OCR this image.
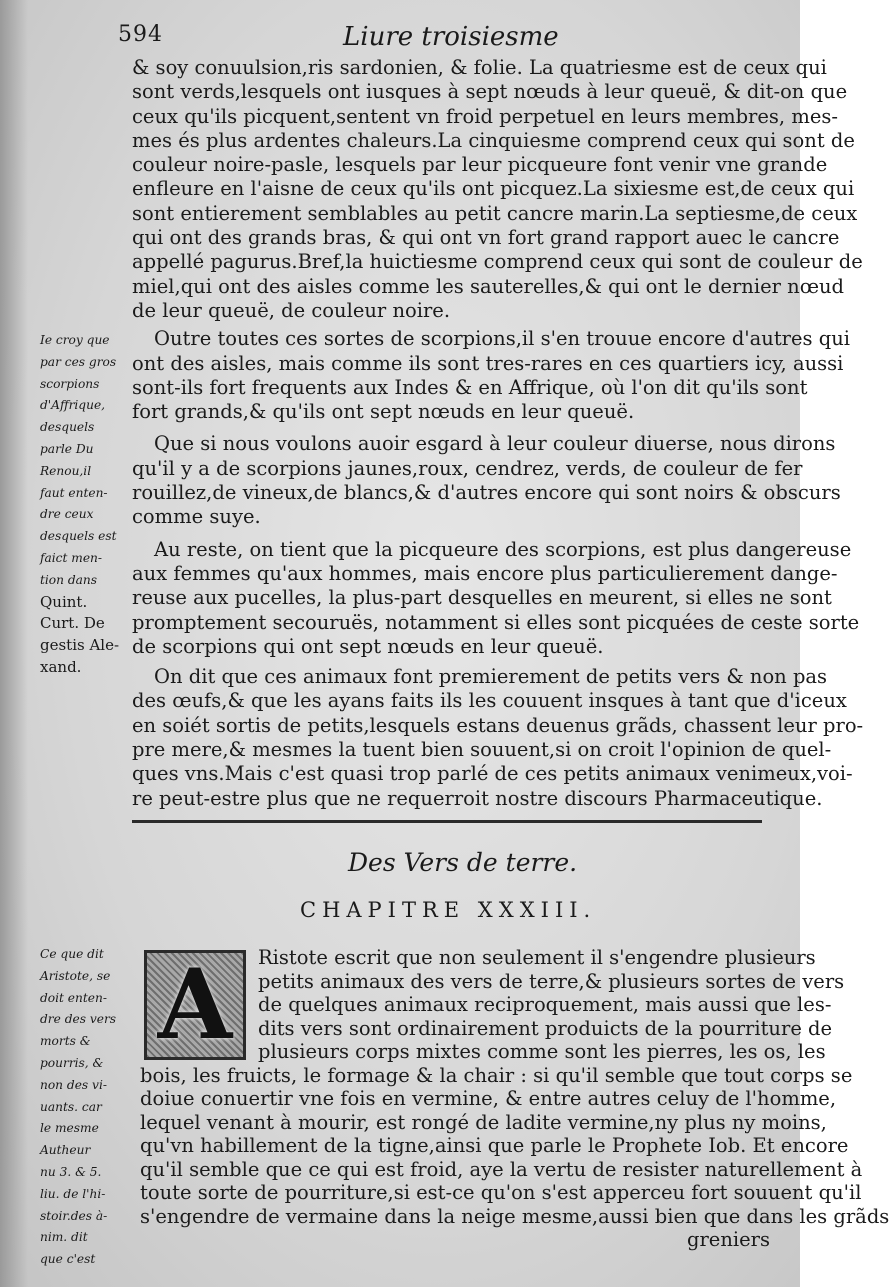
594	Liure troisiesme

& soy conuulsion,ris sardonien, & folie. La quatriesme est de ceux qui
sont verds,lesquels ont iusques à sept nœuds à leur queuë, & dit-on que
ceux qu'ils picquent,sentent vn froid perpetuel en leurs membres, mes-
mes és plus ardentes chaleurs.La cinquiesme comprend ceux qui sont de
couleur noire-pasle, lesquels par leur picqueure font venir vne grande
enfleure en l'aisne de ceux qu'ils ont picquez.La sixiesme est,de ceux qui
sont entierement semblables au petit cancre marin.La septiesme,de ceux
qui ont des grands bras, & qui ont vn fort grand rapport auec le cancre
appellé pagurus.Bref,la huictiesme comprend ceux qui sont de couleur de
miel,qui ont des aisles comme les sauterelles,& qui ont le dernier nœud
de leur queuë, de couleur noire.

Outre toutes ces sortes de scorpions,il s'en trouue encore d'autres qui
ont des aisles, mais comme ils sont tres-rares en ces quartiers icy, aussi
sont-ils fort frequents aux Indes & en Affrique, où l'on dit qu'ils sont
fort grands,& qu'ils ont sept nœuds en leur queuë.

Que si nous voulons auoir esgard à leur couleur diuerse, nous dirons
qu'il y a de scorpions jaunes,roux, cendrez, verds, de couleur de fer
rouillez,de vineux,de blancs,& d'autres encore qui sont noirs & obscurs
comme suye.

Au reste, on tient que la picqueure des scorpions, est plus dangereuse
aux femmes qu'aux hommes, mais encore plus particulierement dange-
reuse aux pucelles, la plus-part desquelles en meurent, si elles ne sont
promptement secouruës, notamment si elles sont picquées de ceste sorte
de scorpions qui ont sept nœuds en leur queuë.

On dit que ces animaux font premierement de petits vers & non pas
des œufs,& que les ayans faits ils les couuent insques à tant que d'iceux
en soiét sortis de petits,lesquels estans deuenus grãds, chassent leur pro-
pre mere,& mesmes la tuent bien souuent,si on croit l'opinion de quel-
ques vns.Mais c'est quasi trop parlé de ces petits animaux venimeux,voi-
re peut-estre plus que ne requerroit nostre discours Pharmaceutique.

Ie croy que
par ces gros
scorpions
d'Affrique,
desquels
parle Du
Renou,il
faut enten-
dre ceux
desquels est
faict men-
tion dans
Quint.
Curt. De
gestis Ale-
xand.
Des Vers de terre.
CHAPITRE XXXIII.
A	Ristote escrit que non seulement il s'engendre plusieurs
petits animaux des vers de terre,& plusieurs sortes de vers
de quelques animaux reciproquement, mais aussi que les-
dits vers sont ordinairement produicts de la pourriture de
plusieurs corps mixtes comme sont les pierres, les os, les
bois, les fruicts, le formage & la chair : si qu'il semble que tout corps se
doiue conuertir vne fois en vermine, & entre autres celuy de l'homme,
lequel venant à mourir, est rongé de ladite vermine,ny plus ny moins,
qu'vn habillement de la tigne,ainsi que parle le Prophete Iob. Et encore
qu'il semble que ce qui est froid, aye la vertu de resister naturellement à
toute sorte de pourriture,si est-ce qu'on s'est apperceu fort souuent qu'il
s'engendre de vermaine dans la neige mesme,aussi bien que dans les grãds
greniers
Ce que dit
Aristote, se
doit enten-
dre des vers
morts &
pourris, &
non des vi-
uants. car
le mesme
Autheur
nu 3. & 5.
liu. de l'hi-
stoir.des à-
nim. dit
que c'est
